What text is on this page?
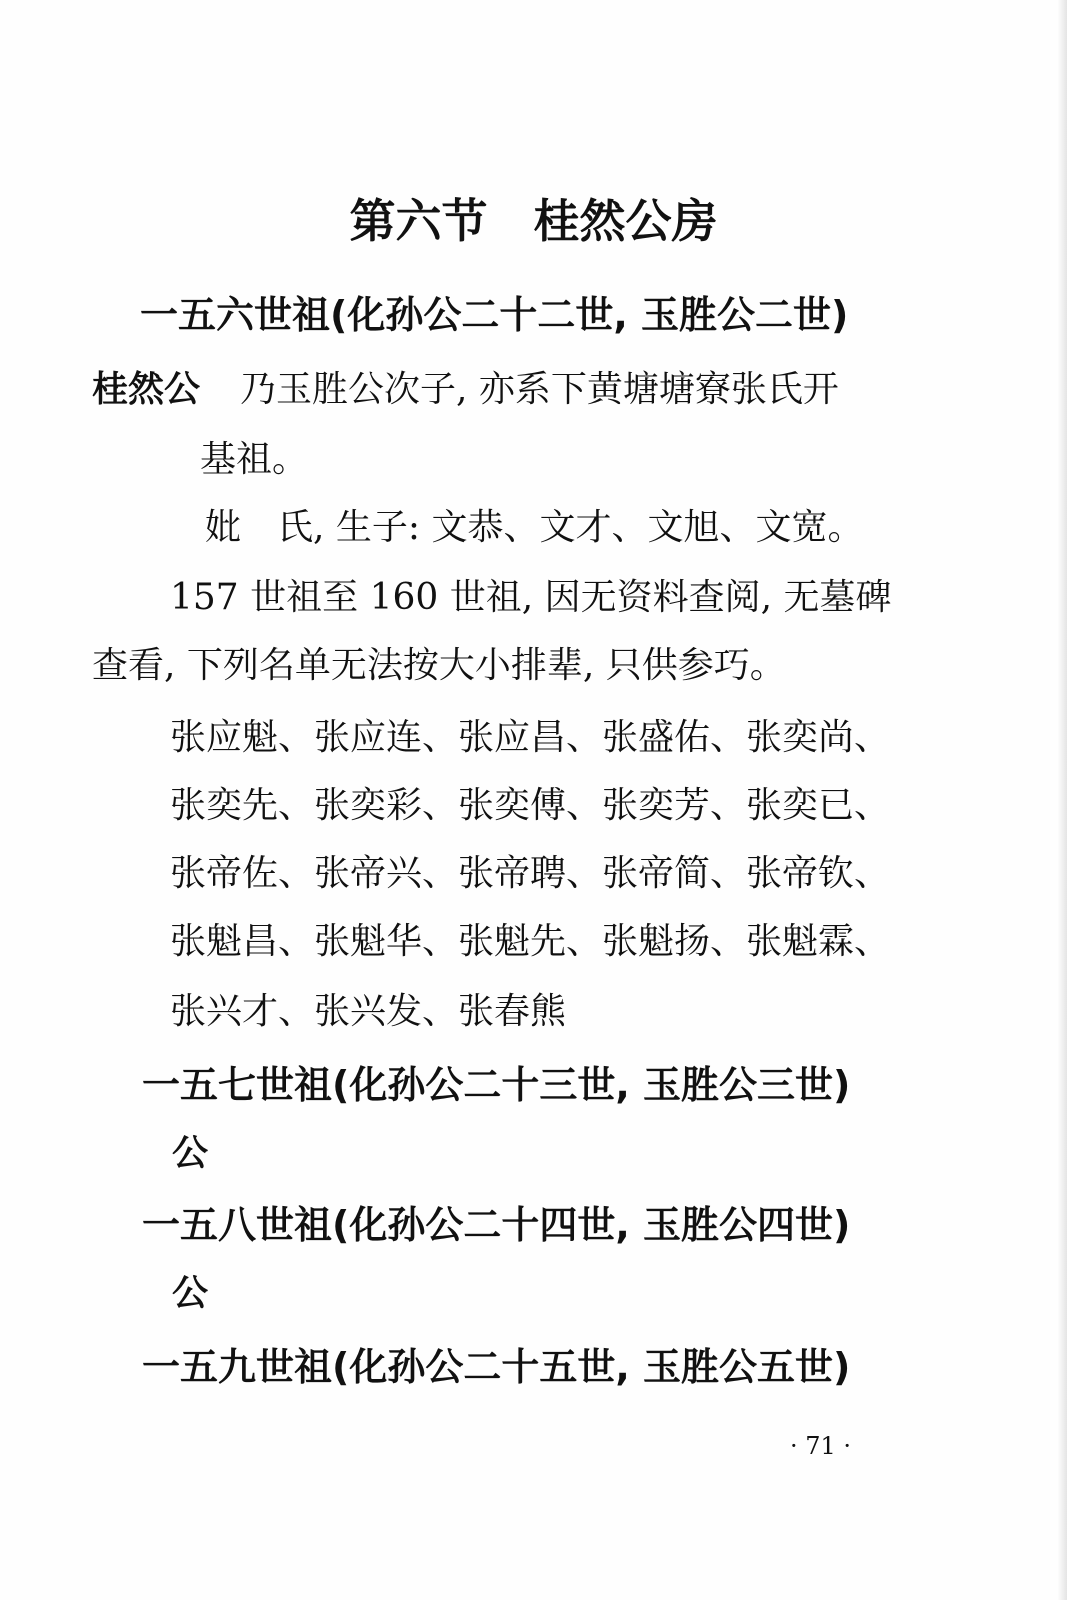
第六节　桂然公房
一五六世祖(化孙公二十二世, 玉胜公二世)
桂然公 乃玉胜公次子, 亦系下黄塘塘寮张氏开
基祖。
妣　氏, 生子: 文恭、文才、文旭、文宽。
157 世祖至 160 世祖, 因无资料查阅, 无墓碑
查看, 下列名单无法按大小排辈, 只供参巧。
张应魁、张应连、张应昌、张盛佑、张奕尚、
张奕先、张奕彩、张奕傅、张奕芳、张奕已、
张帝佐、张帝兴、张帝聘、张帝简、张帝钦、
张魁昌、张魁华、张魁先、张魁扬、张魁霖、
张兴才、张兴发、张春熊
一五七世祖(化孙公二十三世, 玉胜公三世)
公
一五八世祖(化孙公二十四世, 玉胜公四世)
公
一五九世祖(化孙公二十五世, 玉胜公五世)
· 71 ·
